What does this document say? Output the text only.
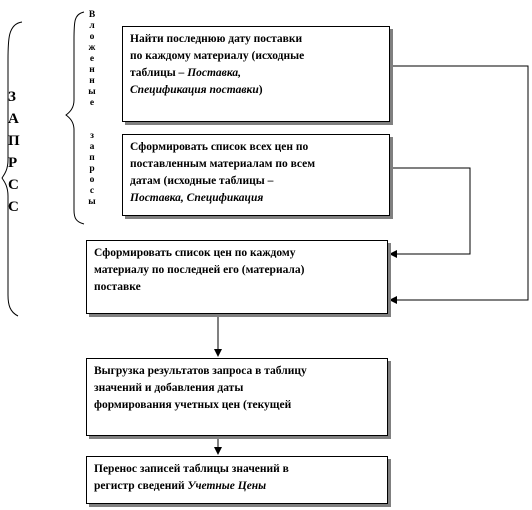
З
А
П
Р
С
С
В
л
о
ж
е
н
н
ы
е
з
а
п
р
о
с
ы
Найти последнюю дату поставки
по каждому материалу (исходные
таблицы – Поставка,
Спецификация поставки)
Сформировать список всех цен по
поставленным материалам по всем
датам (исходные таблицы –
Поставка, Спецификация
Сформировать список цен по каждому
материалу по последней его (материала)
поставке
Выгрузка результатов запроса в таблицу
значений и добавления даты
формирования учетных цен (текущей
Перенос записей таблицы значений в
регистр сведений Учетные Цены
